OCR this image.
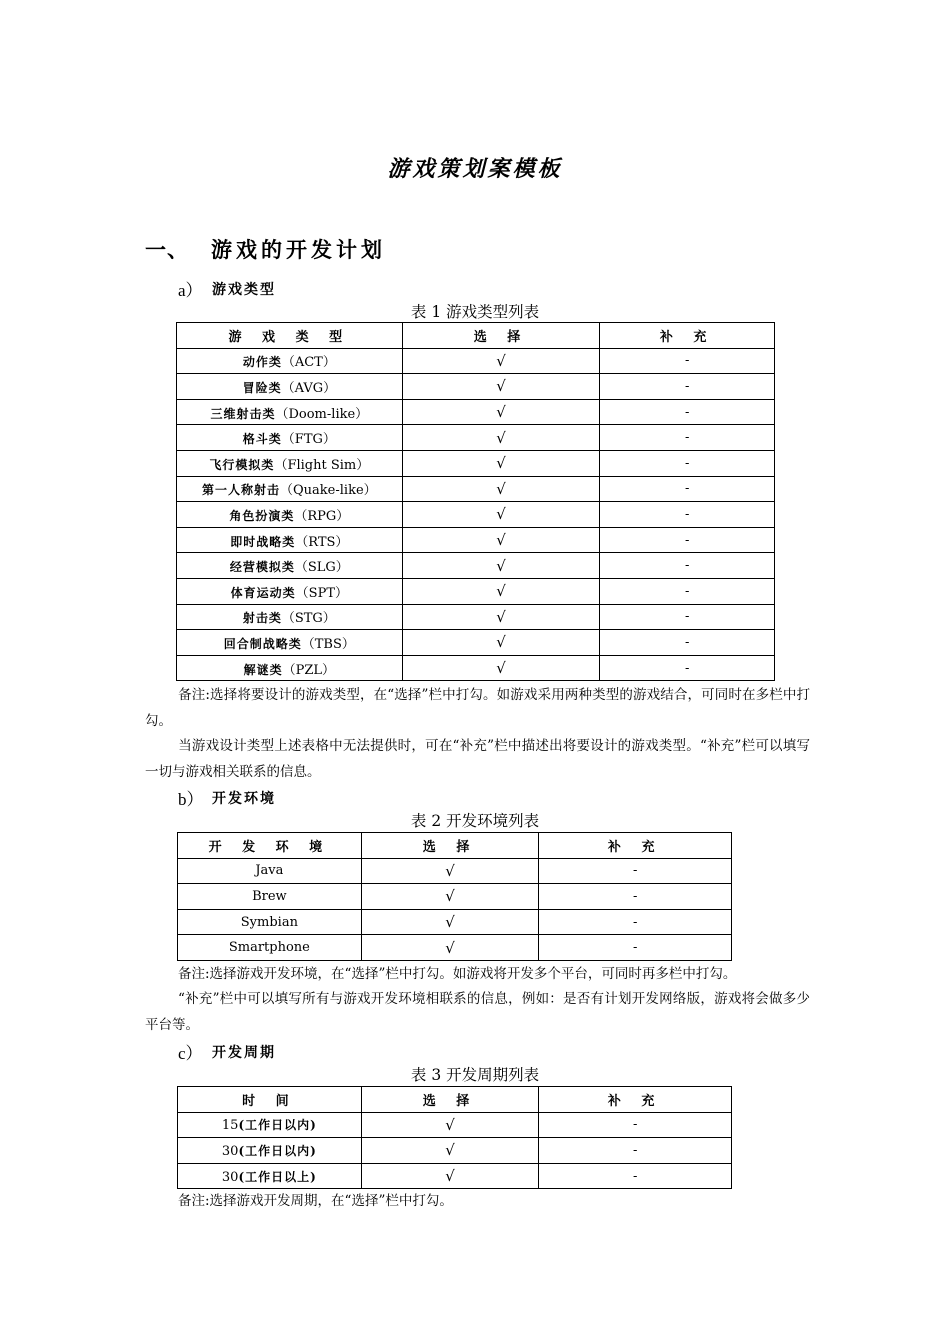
游戏策划案模板
一、	游戏的开发计划
a） 游戏类型
表 1 游戏类型列表
游 戏 类 型	选 择	补 充
动作类（ACT）	√	-
冒险类（AVG）	√	-
三维射击类（Doom-like）	√	-
格斗类（FTG）	√	-
飞行模拟类（Flight Sim）	√	-
第一人称射击（Quake-like）	√	-
角色扮演类（RPG）	√	-
即时战略类（RTS）	√	-
经营模拟类（SLG）	√	-
体育运动类（SPT）	√	-
射击类（STG）	√	-
回合制战略类（TBS）	√	-
解谜类（PZL）	√	-
备注:选择将要设计的游戏类型，在“选择”栏中打勾。如游戏采用两种类型的游戏结合，可同时在多栏中打勾。
当游戏设计类型上述表格中无法提供时，可在“补充”栏中描述出将要设计的游戏类型。“补充”栏可以填写一切与游戏相关联系的信息。
b） 开发环境
表 2 开发环境列表
开 发 环 境	选 择	补 充
Java	√	-
Brew	√	-
Symbian	√	-
Smartphone	√	-
备注:选择游戏开发环境，在“选择”栏中打勾。如游戏将开发多个平台，可同时再多栏中打勾。
“补充”栏中可以填写所有与游戏开发环境相联系的信息，例如：是否有计划开发网络版，游戏将会做多少平台等。
c） 开发周期
表 3 开发周期列表
时 间	选 择	补 充
15(工作日以内)	√	-
30(工作日以内)	√	-
30(工作日以上)	√	-
备注:选择游戏开发周期，在“选择”栏中打勾。
